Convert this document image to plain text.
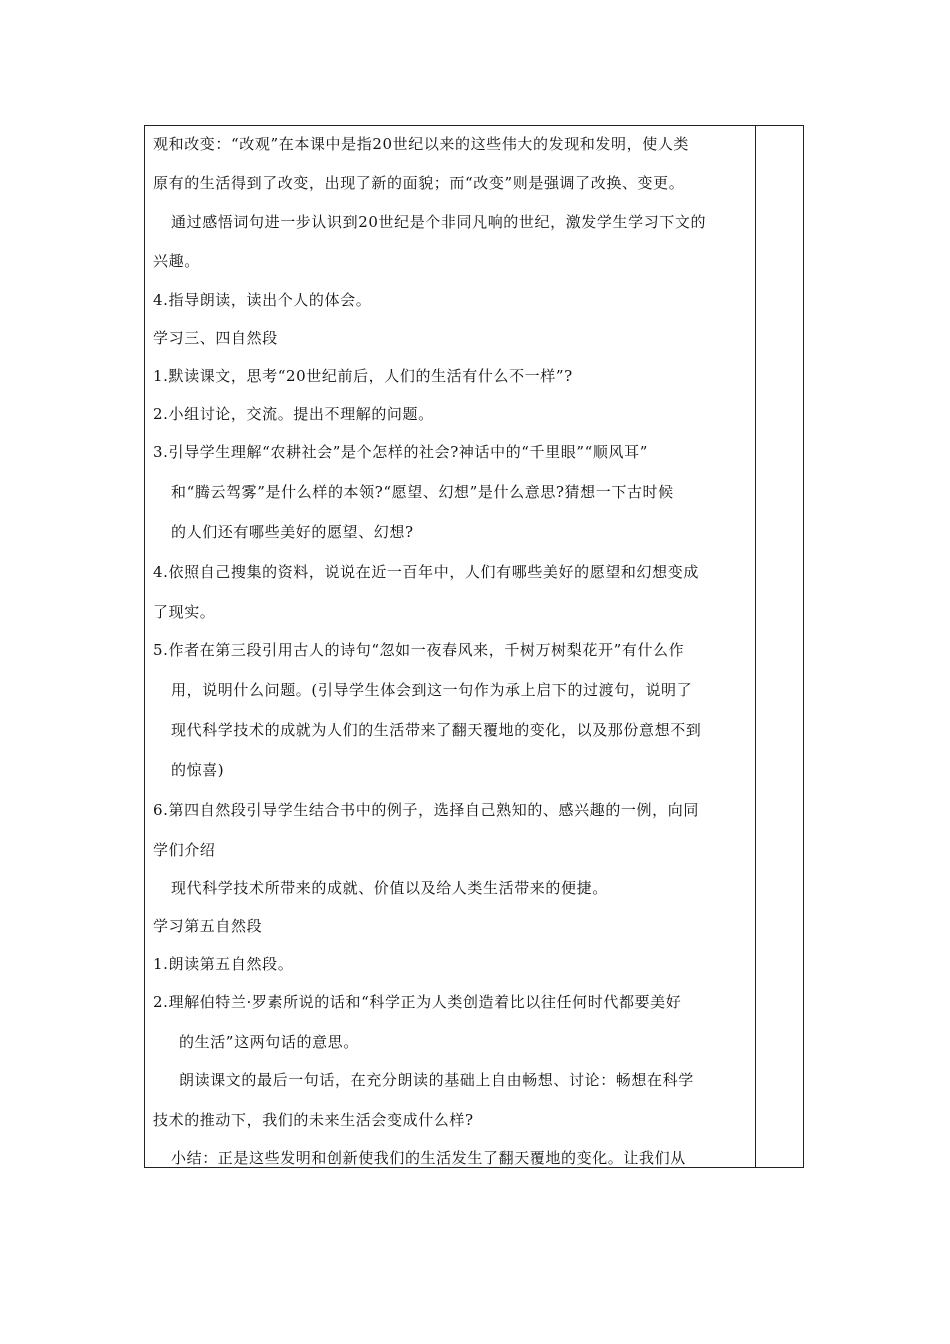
观和改变：“改观”在本课中是指20世纪以来的这些伟大的发现和发明，使人类
原有的生活得到了改变，出现了新的面貌；而“改变”则是强调了改换、变更。
通过感悟词句进一步认识到20世纪是个非同凡响的世纪，激发学生学习下文的
兴趣。
4.指导朗读，读出个人的体会。
学习三、四自然段
1.默读课文，思考“20世纪前后，人们的生活有什么不一样”?
2.小组讨论，交流。提出不理解的问题。
3.引导学生理解“农耕社会”是个怎样的社会?神话中的“千里眼”“顺风耳”
和“腾云驾雾”是什么样的本领?“愿望、幻想”是什么意思?猜想一下古时候
的人们还有哪些美好的愿望、幻想?
4.依照自己搜集的资料，说说在近一百年中，人们有哪些美好的愿望和幻想变成
了现实。
5.作者在第三段引用古人的诗句“忽如一夜春风来，千树万树梨花开”有什么作
用，说明什么问题。(引导学生体会到这一句作为承上启下的过渡句，说明了
现代科学技术的成就为人们的生活带来了翻天覆地的变化，以及那份意想不到
的惊喜)
6.第四自然段引导学生结合书中的例子，选择自己熟知的、感兴趣的一例，向同
学们介绍
现代科学技术所带来的成就、价值以及给人类生活带来的便捷。
学习第五自然段
1.朗读第五自然段。
2.理解伯特兰·罗素所说的话和“科学正为人类创造着比以往任何时代都要美好
的生活”这两句话的意思。
朗读课文的最后一句话，在充分朗读的基础上自由畅想、讨论：畅想在科学
技术的推动下，我们的未来生活会变成什么样?
小结：正是这些发明和创新使我们的生活发生了翻天覆地的变化。让我们从
